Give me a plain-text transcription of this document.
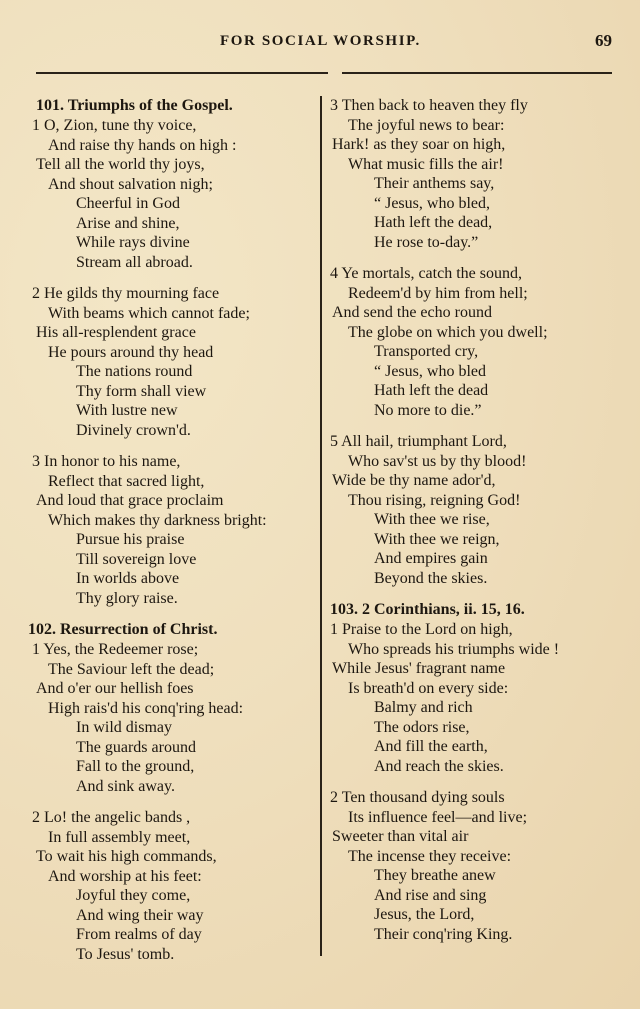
FOR SOCIAL WORSHIP.	69
101. Triumphs of the Gospel.
1 O, Zion, tune thy voice,
And raise thy hands on high :
Tell all the world thy joys,
And shout salvation nigh;
Cheerful in God
Arise and shine,
While rays divine
Stream all abroad.
2 He gilds thy mourning face
With beams which cannot fade;
His all-resplendent grace
He pours around thy head
The nations round
Thy form shall view
With lustre new
Divinely crown'd.
3 In honor to his name,
Reflect that sacred light,
And loud that grace proclaim
Which makes thy darkness bright:
Pursue his praise
Till sovereign love
In worlds above
Thy glory raise.
102. Resurrection of Christ.
1 Yes, the Redeemer rose;
The Saviour left the dead;
And o'er our hellish foes
High rais'd his conq'ring head:
In wild dismay
The guards around
Fall to the ground,
And sink away.
2 Lo! the angelic bands ,
In full assembly meet,
To wait his high commands,
And worship at his feet:
Joyful they come,
And wing their way
From realms of day
To Jesus' tomb.
3 Then back to heaven they fly
The joyful news to bear:
Hark! as they soar on high,
What music fills the air!
Their anthems say,
“ Jesus, who bled,
Hath left the dead,
He rose to-day.”
4 Ye mortals, catch the sound,
Redeem'd by him from hell;
And send the echo round
The globe on which you dwell;
Transported cry,
“ Jesus, who bled
Hath left the dead
No more to die.”
5 All hail, triumphant Lord,
Who sav'st us by thy blood!
Wide be thy name ador'd,
Thou rising, reigning God!
With thee we rise,
With thee we reign,
And empires gain
Beyond the skies.
103. 2 Corinthians, ii. 15, 16.
1 Praise to the Lord on high,
Who spreads his triumphs wide !
While Jesus' fragrant name
Is breath'd on every side:
Balmy and rich
The odors rise,
And fill the earth,
And reach the skies.
2 Ten thousand dying souls
Its influence feel—and live;
Sweeter than vital air
The incense they receive:
They breathe anew
And rise and sing
Jesus, the Lord,
Their conq'ring King.
